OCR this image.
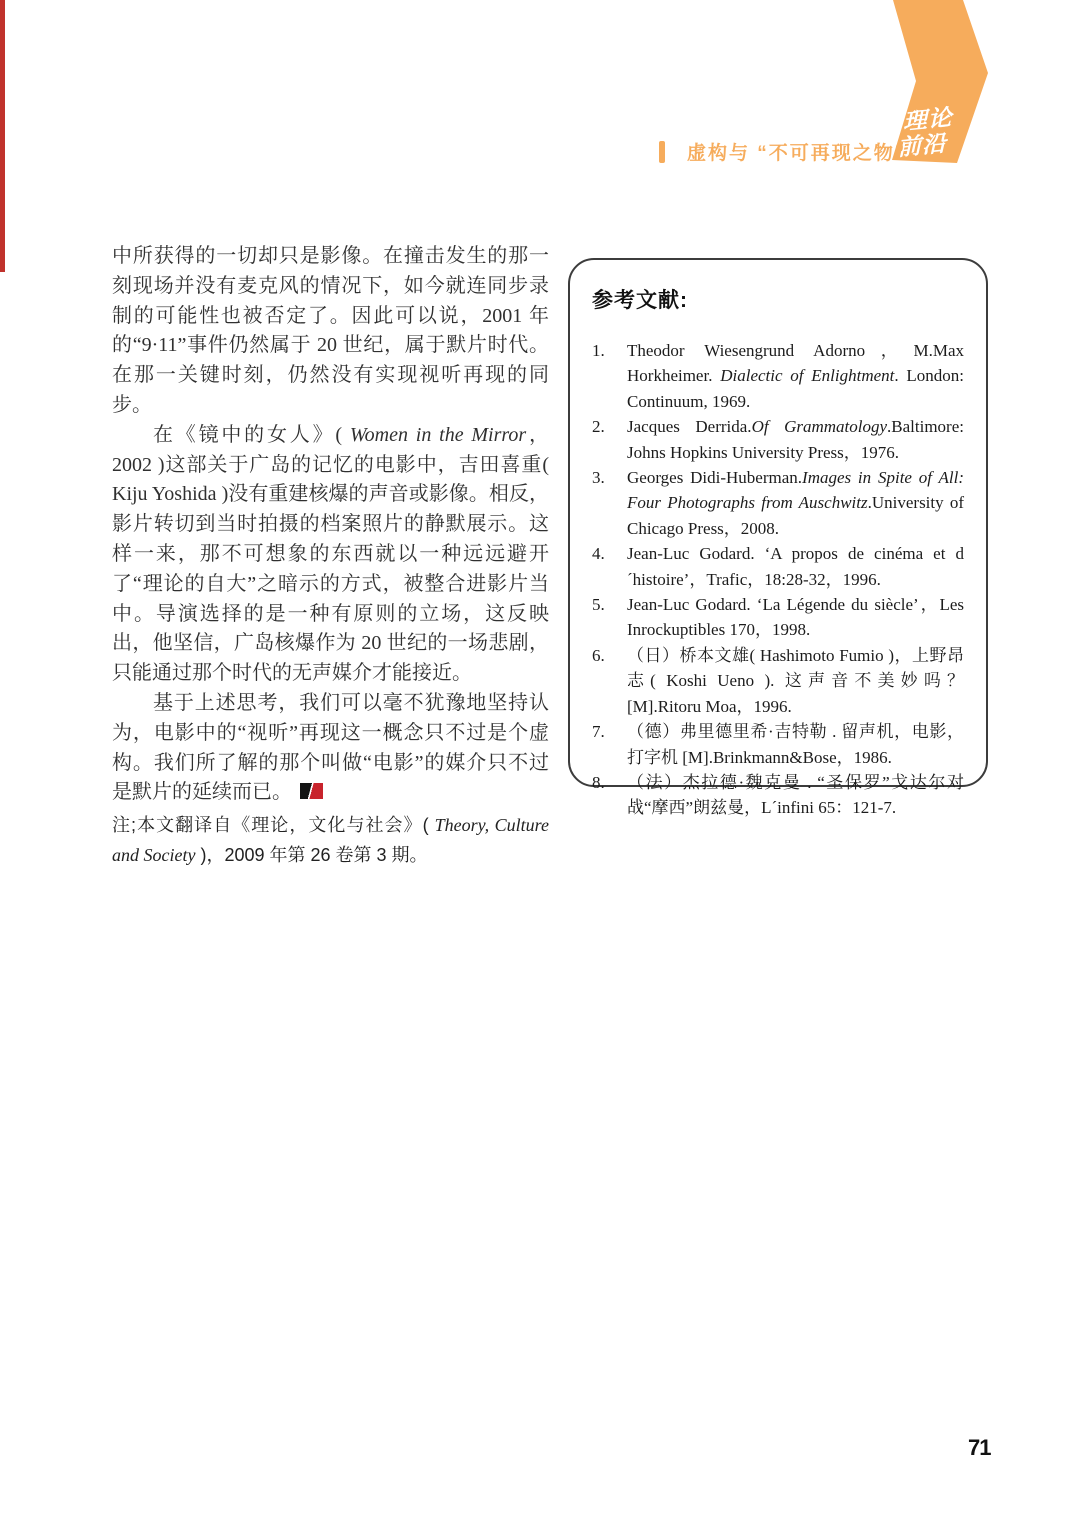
理论
前沿
虚构与 “不可再现之物”

中所获得的一切却只是影像。在撞击发生的那一刻现场并没有麦克风的情况下，如今就连同步录制的可能性也被否定了。因此可以说，2001 年的“9·11”事件仍然属于 20 世纪，属于默片时代。在那一关键时刻，仍然没有实现视听再现的同步。

在《镜中的女人》( Women in the Mirror，2002 )这部关于广岛的记忆的电影中，吉田喜重( Kiju Yoshida )没有重建核爆的声音或影像。相反，影片转切到当时拍摄的档案照片的静默展示。这样一来，那不可想象的东西就以一种远远避开了“理论的自大”之暗示的方式，被整合进影片当中。导演选择的是一种有原则的立场，这反映出，他坚信，广岛核爆作为 20 世纪的一场悲剧，只能通过那个时代的无声媒介才能接近。

基于上述思考，我们可以毫不犹豫地坚持认为，电影中的“视听”再现这一概念只不过是个虚构。我们所了解的那个叫做“电影”的媒介只不过是默片的延续而已。★

注;本文翻译自《理论，文化与社会》( Theory, Culture and Society )，2009 年第 26 卷第 3 期。
参考文献:
1.	Theodor Wiesengrund Adorno，M.Max Horkheimer. Dialectic of Enlightment. London: Continuum, 1969.
2.	Jacques Derrida.Of Grammatology.Baltimore: Johns Hopkins University Press，1976.
3.	Georges Didi-Huberman.Images in Spite of All: Four Photographs from Auschwitz.University of Chicago Press，2008.
4.	Jean-Luc Godard. ‘A propos de cinéma et d´histoire’，Trafic，18:28-32，1996.
5.	Jean-Luc Godard. ‘La Légende du siècle’，Les Inrockuptibles 170，1998.
6.	（日）桥本文雄( Hashimoto Fumio )，上野昂志( Koshi Ueno ). 这声音不美妙吗？ [M].Ritoru Moa，1996.
7.	（德）弗里德里希·吉特勒 . 留声机，电影，打字机 [M].Brinkmann&Bose，1986.
8.	（法）杰拉德·魏克曼 . “圣保罗”戈达尔对战“摩西”朗兹曼，L´infini 65：121-7.
71
